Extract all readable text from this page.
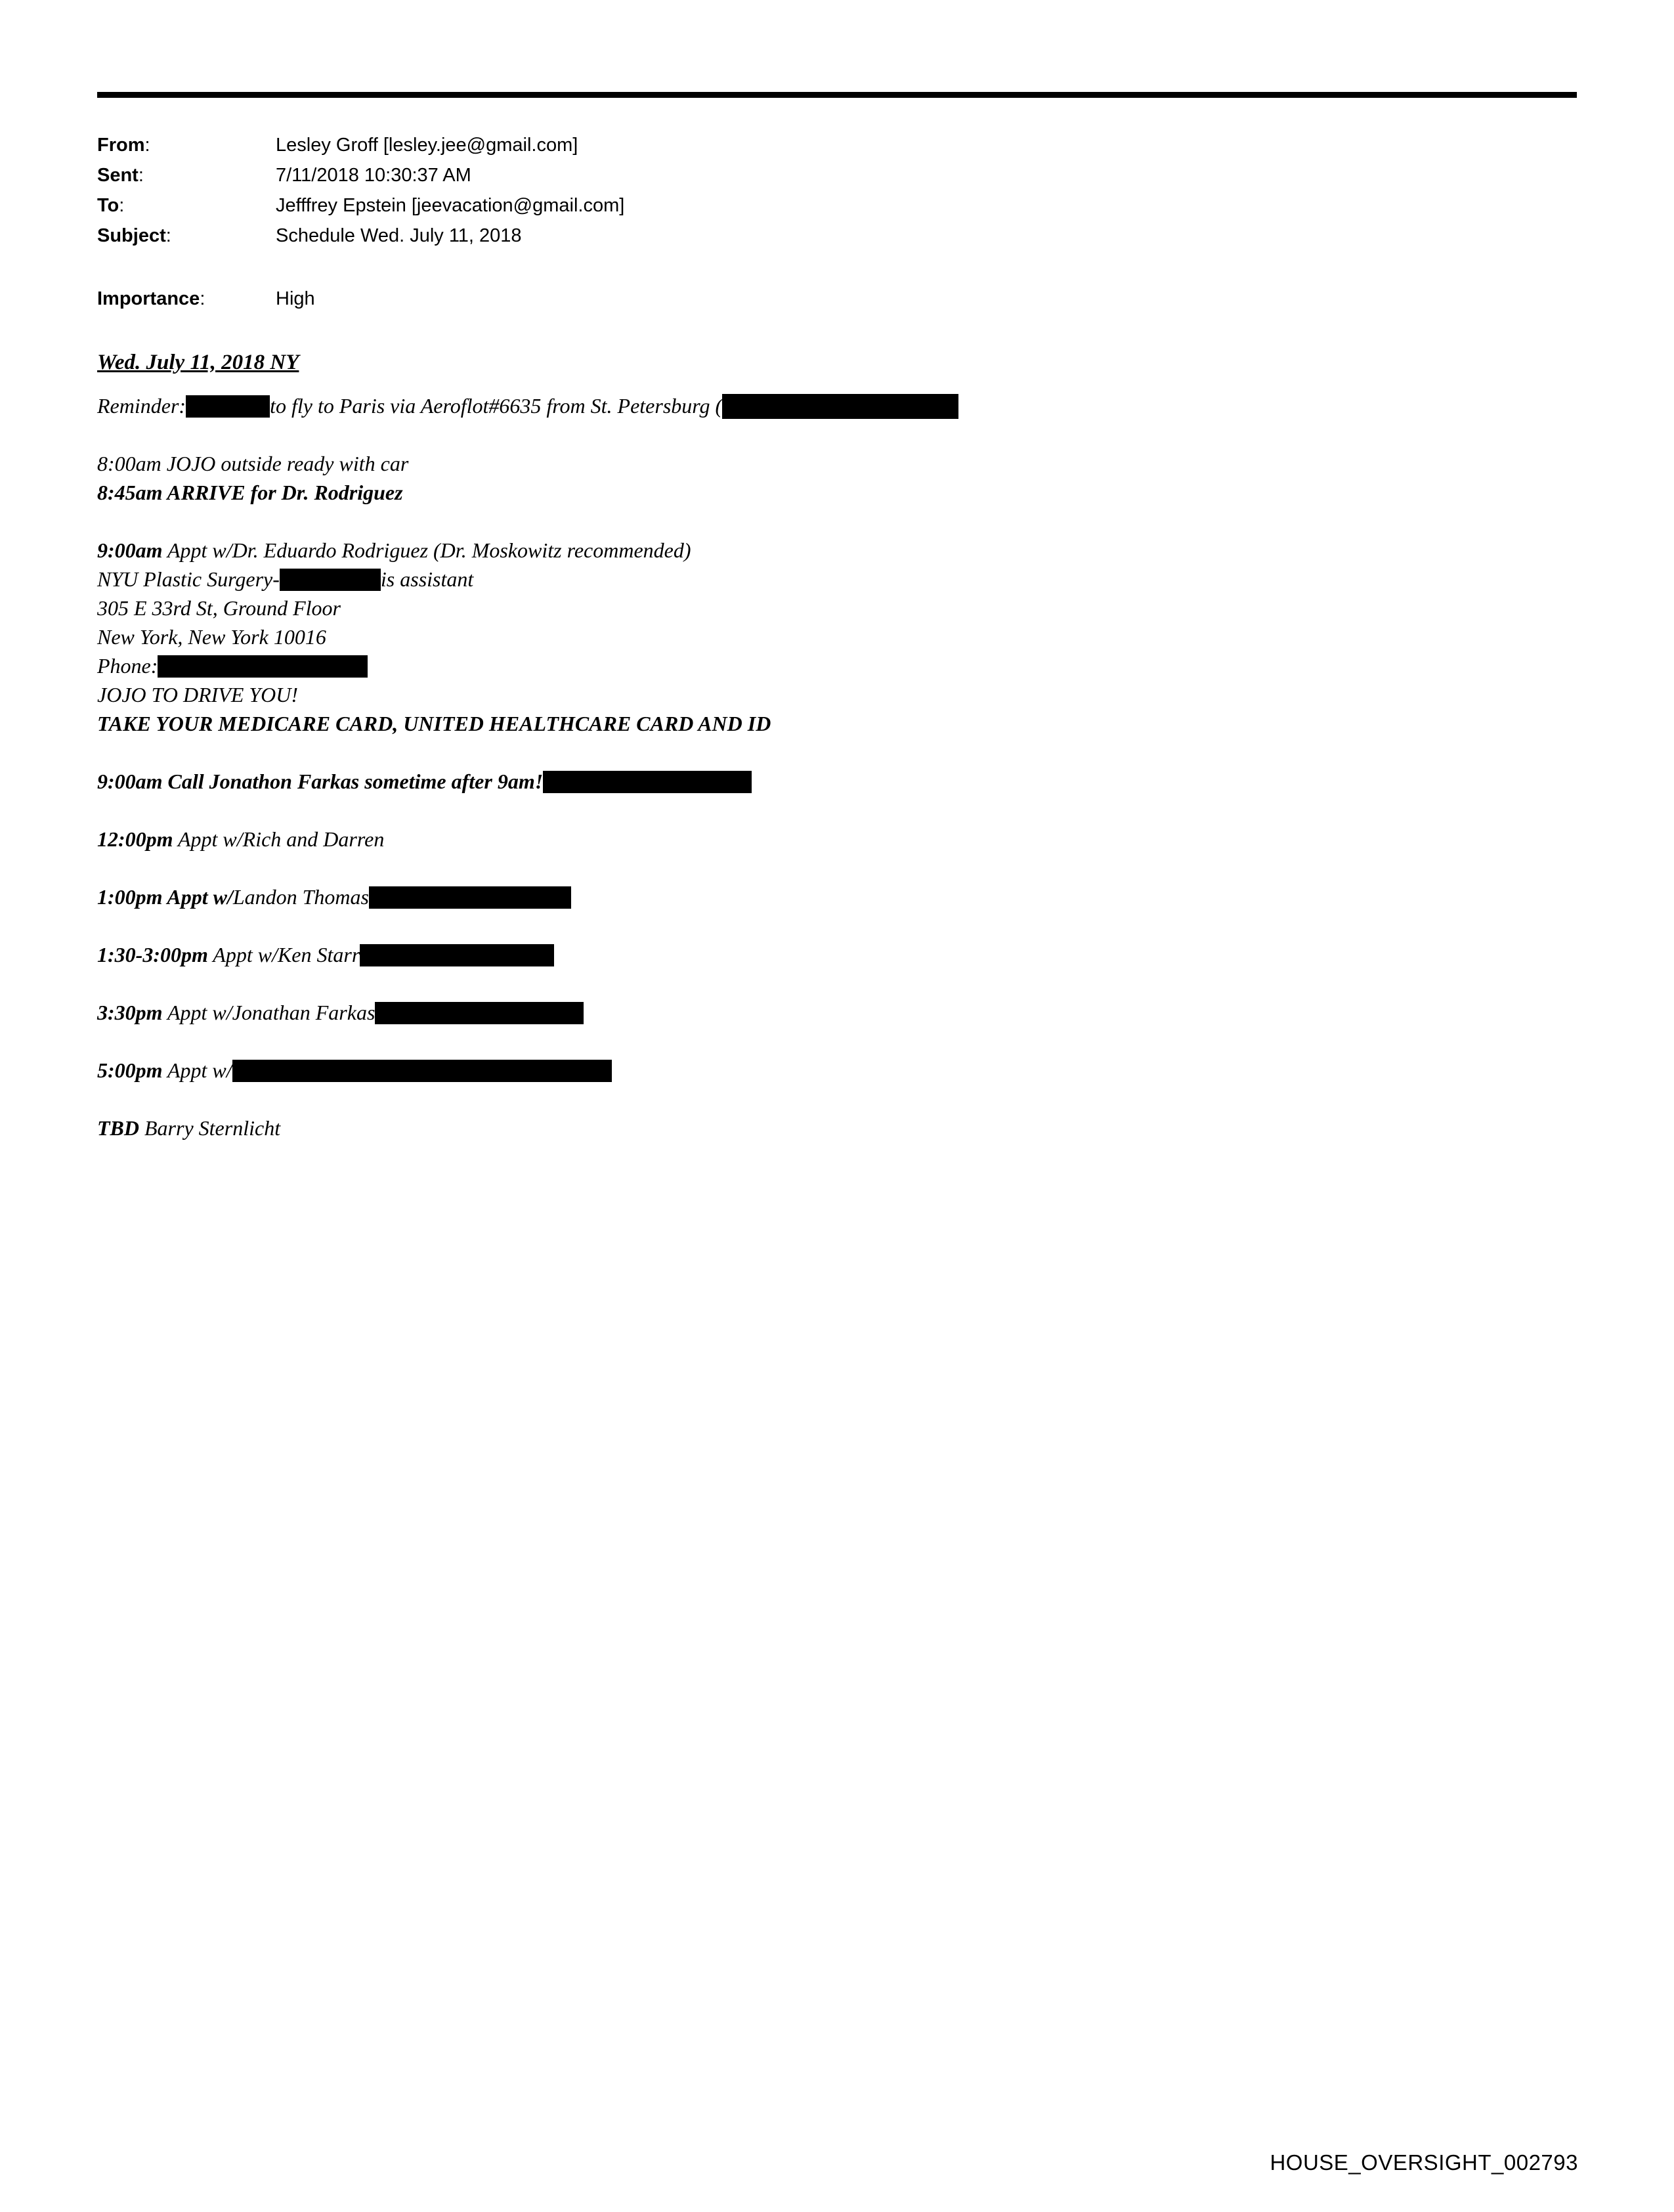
From:	Lesley Groff [lesley.jee@gmail.com]
Sent:	7/11/2018 10:30:37 AM
To:	Jefffrey Epstein [jeevacation@gmail.com]
Subject:	Schedule Wed. July 11, 2018
Importance:	High
Wed. July 11, 2018 NY
Reminder:	to fly to Paris via Aeroflot#6635 from St. Petersburg (
8:00am JOJO outside ready with car
8:45am ARRIVE for Dr. Rodriguez
9:00am Appt w/Dr. Eduardo Rodriguez (Dr. Moskowitz recommended)
NYU Plastic Surgery-	is assistant
305 E 33rd St, Ground Floor
New York, New York 10016
Phone:
JOJO TO DRIVE YOU!
TAKE YOUR MEDICARE CARD, UNITED HEALTHCARE CARD AND ID
9:00am Call Jonathon Farkas sometime after 9am!
12:00pm Appt w/Rich and Darren
1:00pm Appt w/Landon Thomas
1:30-3:00pm Appt w/Ken Starr
3:30pm Appt w/Jonathan Farkas
5:00pm Appt w/
TBD Barry Sternlicht
HOUSE_OVERSIGHT_002793
